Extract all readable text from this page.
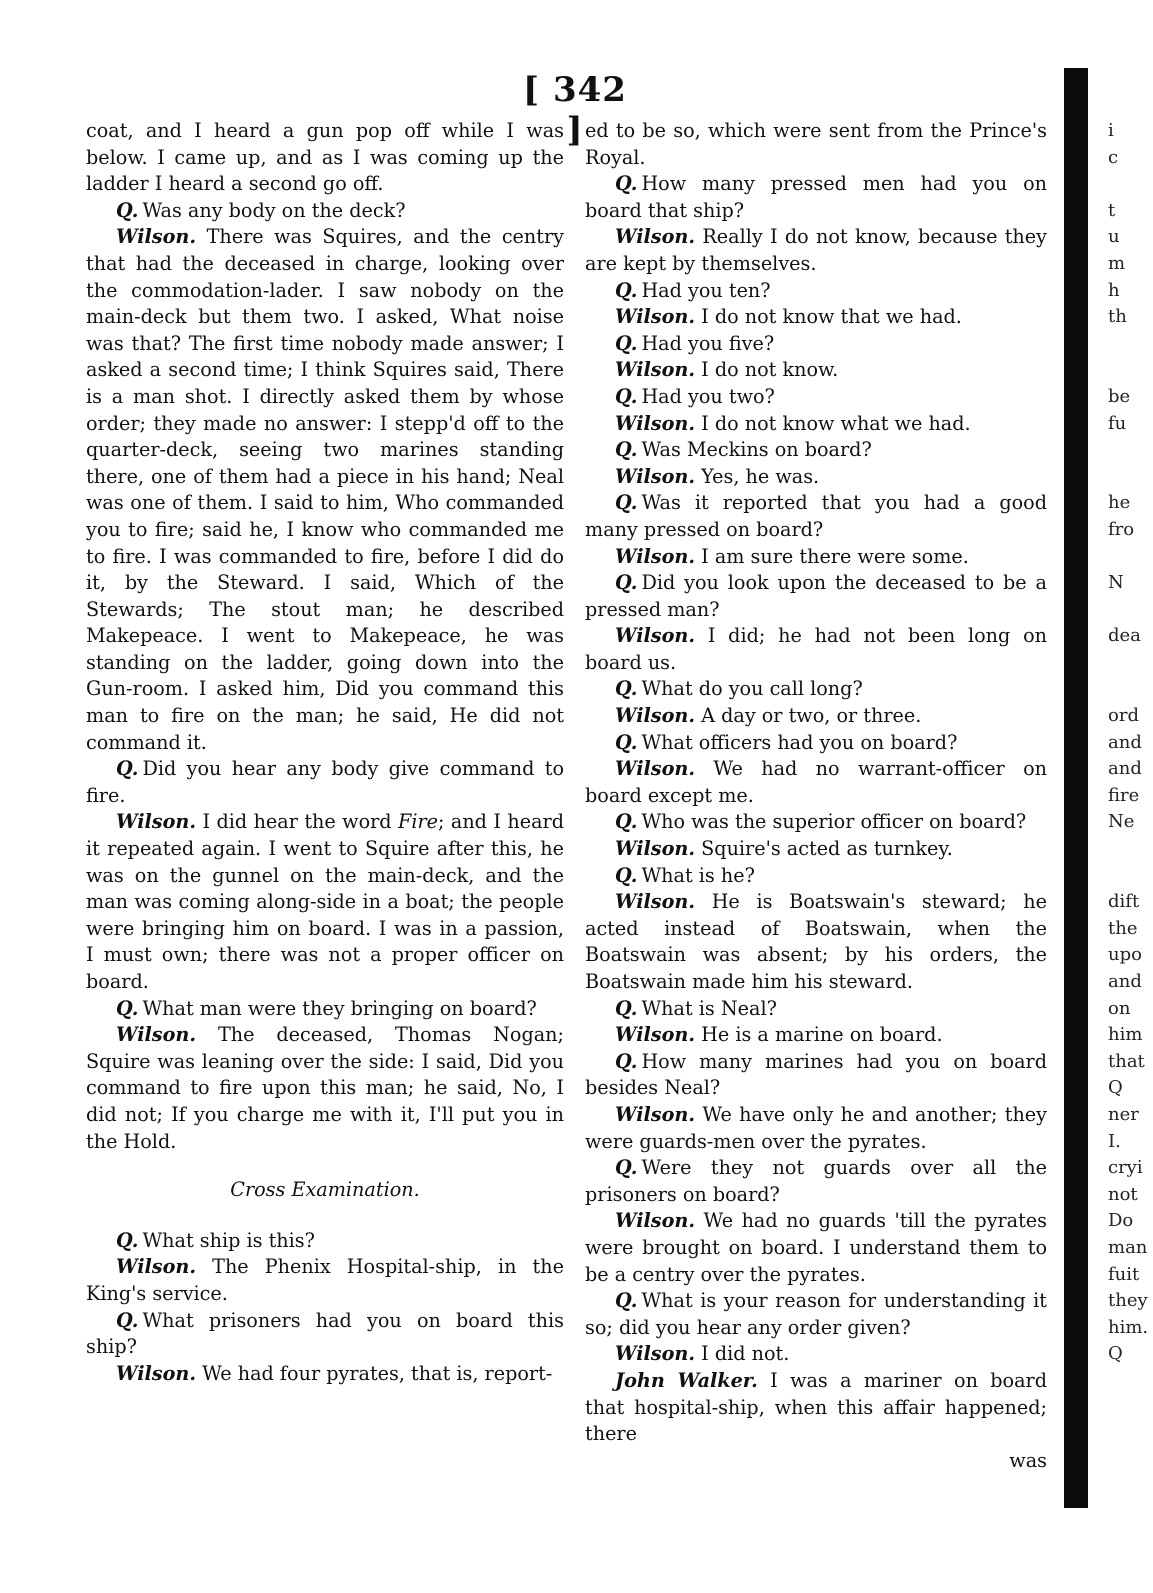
[ 342 ]

coat, and I heard a gun pop off while I was below. I came up, and as I was coming up the ladder I heard a second go off.

Q. Was any body on the deck?

Wilson. There was Squires, and the centry that had the deceased in charge, looking over the commodation-lader. I saw nobody on the main-deck but them two. I asked, What noise was that? The first time nobody made answer; I asked a second time; I think Squires said, There is a man shot. I directly asked them by whose order; they made no answer: I stepp'd off to the quarter-deck, seeing two marines standing there, one of them had a piece in his hand; Neal was one of them. I said to him, Who commanded you to fire; said he, I know who commanded me to fire. I was commanded to fire, before I did do it, by the Steward. I said, Which of the Stewards; The stout man; he described Makepeace. I went to Makepeace, he was standing on the ladder, going down into the Gun-room. I asked him, Did you command this man to fire on the man; he said, He did not command it.

Q. Did you hear any body give command to fire.

Wilson. I did hear the word Fire; and I heard it repeated again. I went to Squire after this, he was on the gunnel on the main-deck, and the man was coming along-side in a boat; the people were bringing him on board. I was in a passion, I must own; there was not a proper officer on board.

Q. What man were they bringing on board?

Wilson. The deceased, Thomas Nogan; Squire was leaning over the side: I said, Did you command to fire upon this man; he said, No, I did not; If you charge me with it, I'll put you in the Hold.

Cross Examination.

Q. What ship is this?

Wilson. The Phenix Hospital-ship, in the King's service.

Q. What prisoners had you on board this ship?

Wilson. We had four pyrates, that is, report-

ed to be so, which were sent from the Prince's Royal.

Q. How many pressed men had you on board that ship?

Wilson. Really I do not know, because they are kept by themselves.

Q. Had you ten?

Wilson. I do not know that we had.

Q. Had you five?

Wilson. I do not know.

Q. Had you two?

Wilson. I do not know what we had.

Q. Was Meckins on board?

Wilson. Yes, he was.

Q. Was it reported that you had a good many pressed on board?

Wilson. I am sure there were some.

Q. Did you look upon the deceased to be a pressed man?

Wilson. I did; he had not been long on board us.

Q. What do you call long?

Wilson. A day or two, or three.

Q. What officers had you on board?

Wilson. We had no warrant-officer on board except me.

Q. Who was the superior officer on board?

Wilson. Squire's acted as turnkey.

Q. What is he?

Wilson. He is Boatswain's steward; he acted instead of Boatswain, when the Boatswain was absent; by his orders, the Boatswain made him his steward.

Q. What is Neal?

Wilson. He is a marine on board.

Q. How many marines had you on board besides Neal?

Wilson. We have only he and another; they were guards-men over the pyrates.

Q. Were they not guards over all the prisoners on board?

Wilson. We had no guards 'till the pyrates were brought on board. I understand them to be a centry over the pyrates.

Q. What is your reason for understanding it so; did you hear any order given?

Wilson. I did not.

John Walker. I was a mariner on board that hospital-ship, when this affair happened; there

was

i
c
t
u
m
h
th
be
fu
he
fro
N
dea
ord
and
and
fire
Ne
dift
the
upo
and
on
him
that
Q
ner
I.
cryi
not
Do
man
fuit
they
him.
Q
